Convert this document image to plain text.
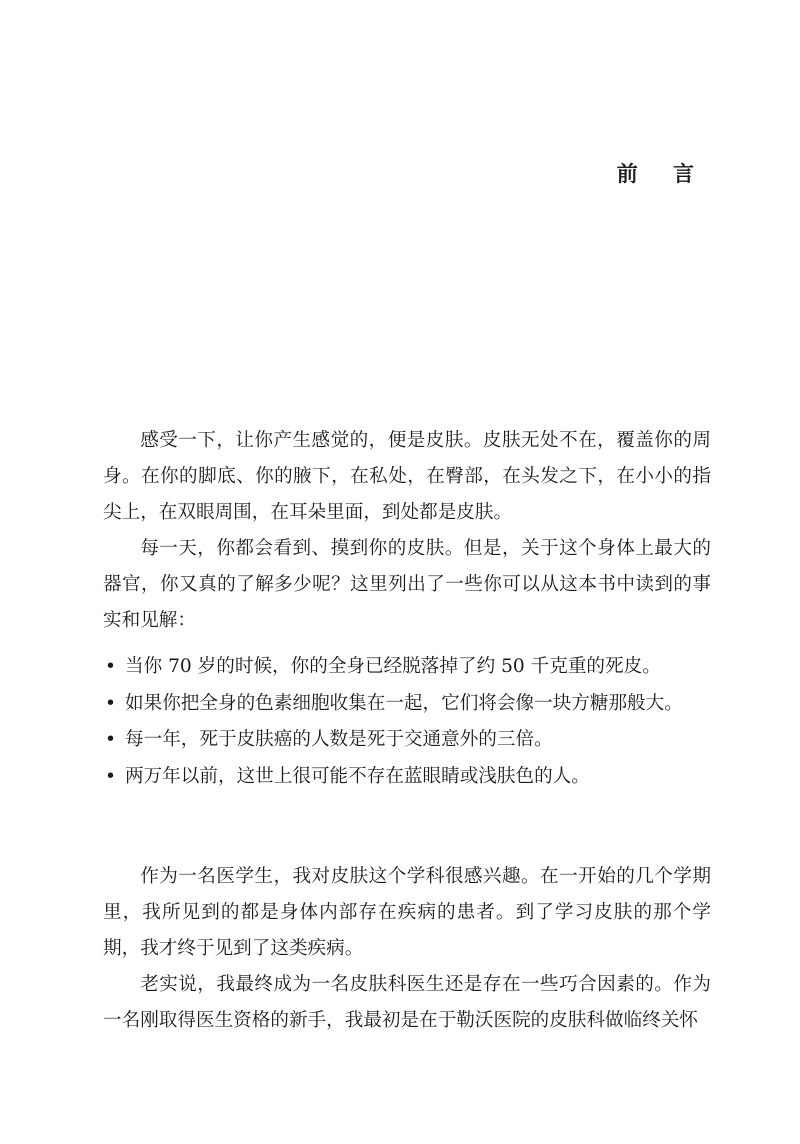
前 言

感受一下，让你产生感觉的，便是皮肤。皮肤无处不在，覆盖你的周身。在你的脚底、你的腋下，在私处，在臀部，在头发之下，在小小的指尖上，在双眼周围，在耳朵里面，到处都是皮肤。

每一天，你都会看到、摸到你的皮肤。但是，关于这个身体上最大的器官，你又真的了解多少呢？这里列出了一些你可以从这本书中读到的事实和见解：

• 当你 70 岁的时候，你的全身已经脱落掉了约 50 千克重的死皮。
• 如果你把全身的色素细胞收集在一起，它们将会像一块方糖那般大。
• 每一年，死于皮肤癌的人数是死于交通意外的三倍。
• 两万年以前，这世上很可能不存在蓝眼睛或浅肤色的人。

作为一名医学生，我对皮肤这个学科很感兴趣。在一开始的几个学期里，我所见到的都是身体内部存在疾病的患者。到了学习皮肤的那个学期，我才终于见到了这类疾病。

老实说，我最终成为一名皮肤科医生还是存在一些巧合因素的。作为一名刚取得医生资格的新手，我最初是在于勒沃医院的皮肤科做临终关怀
